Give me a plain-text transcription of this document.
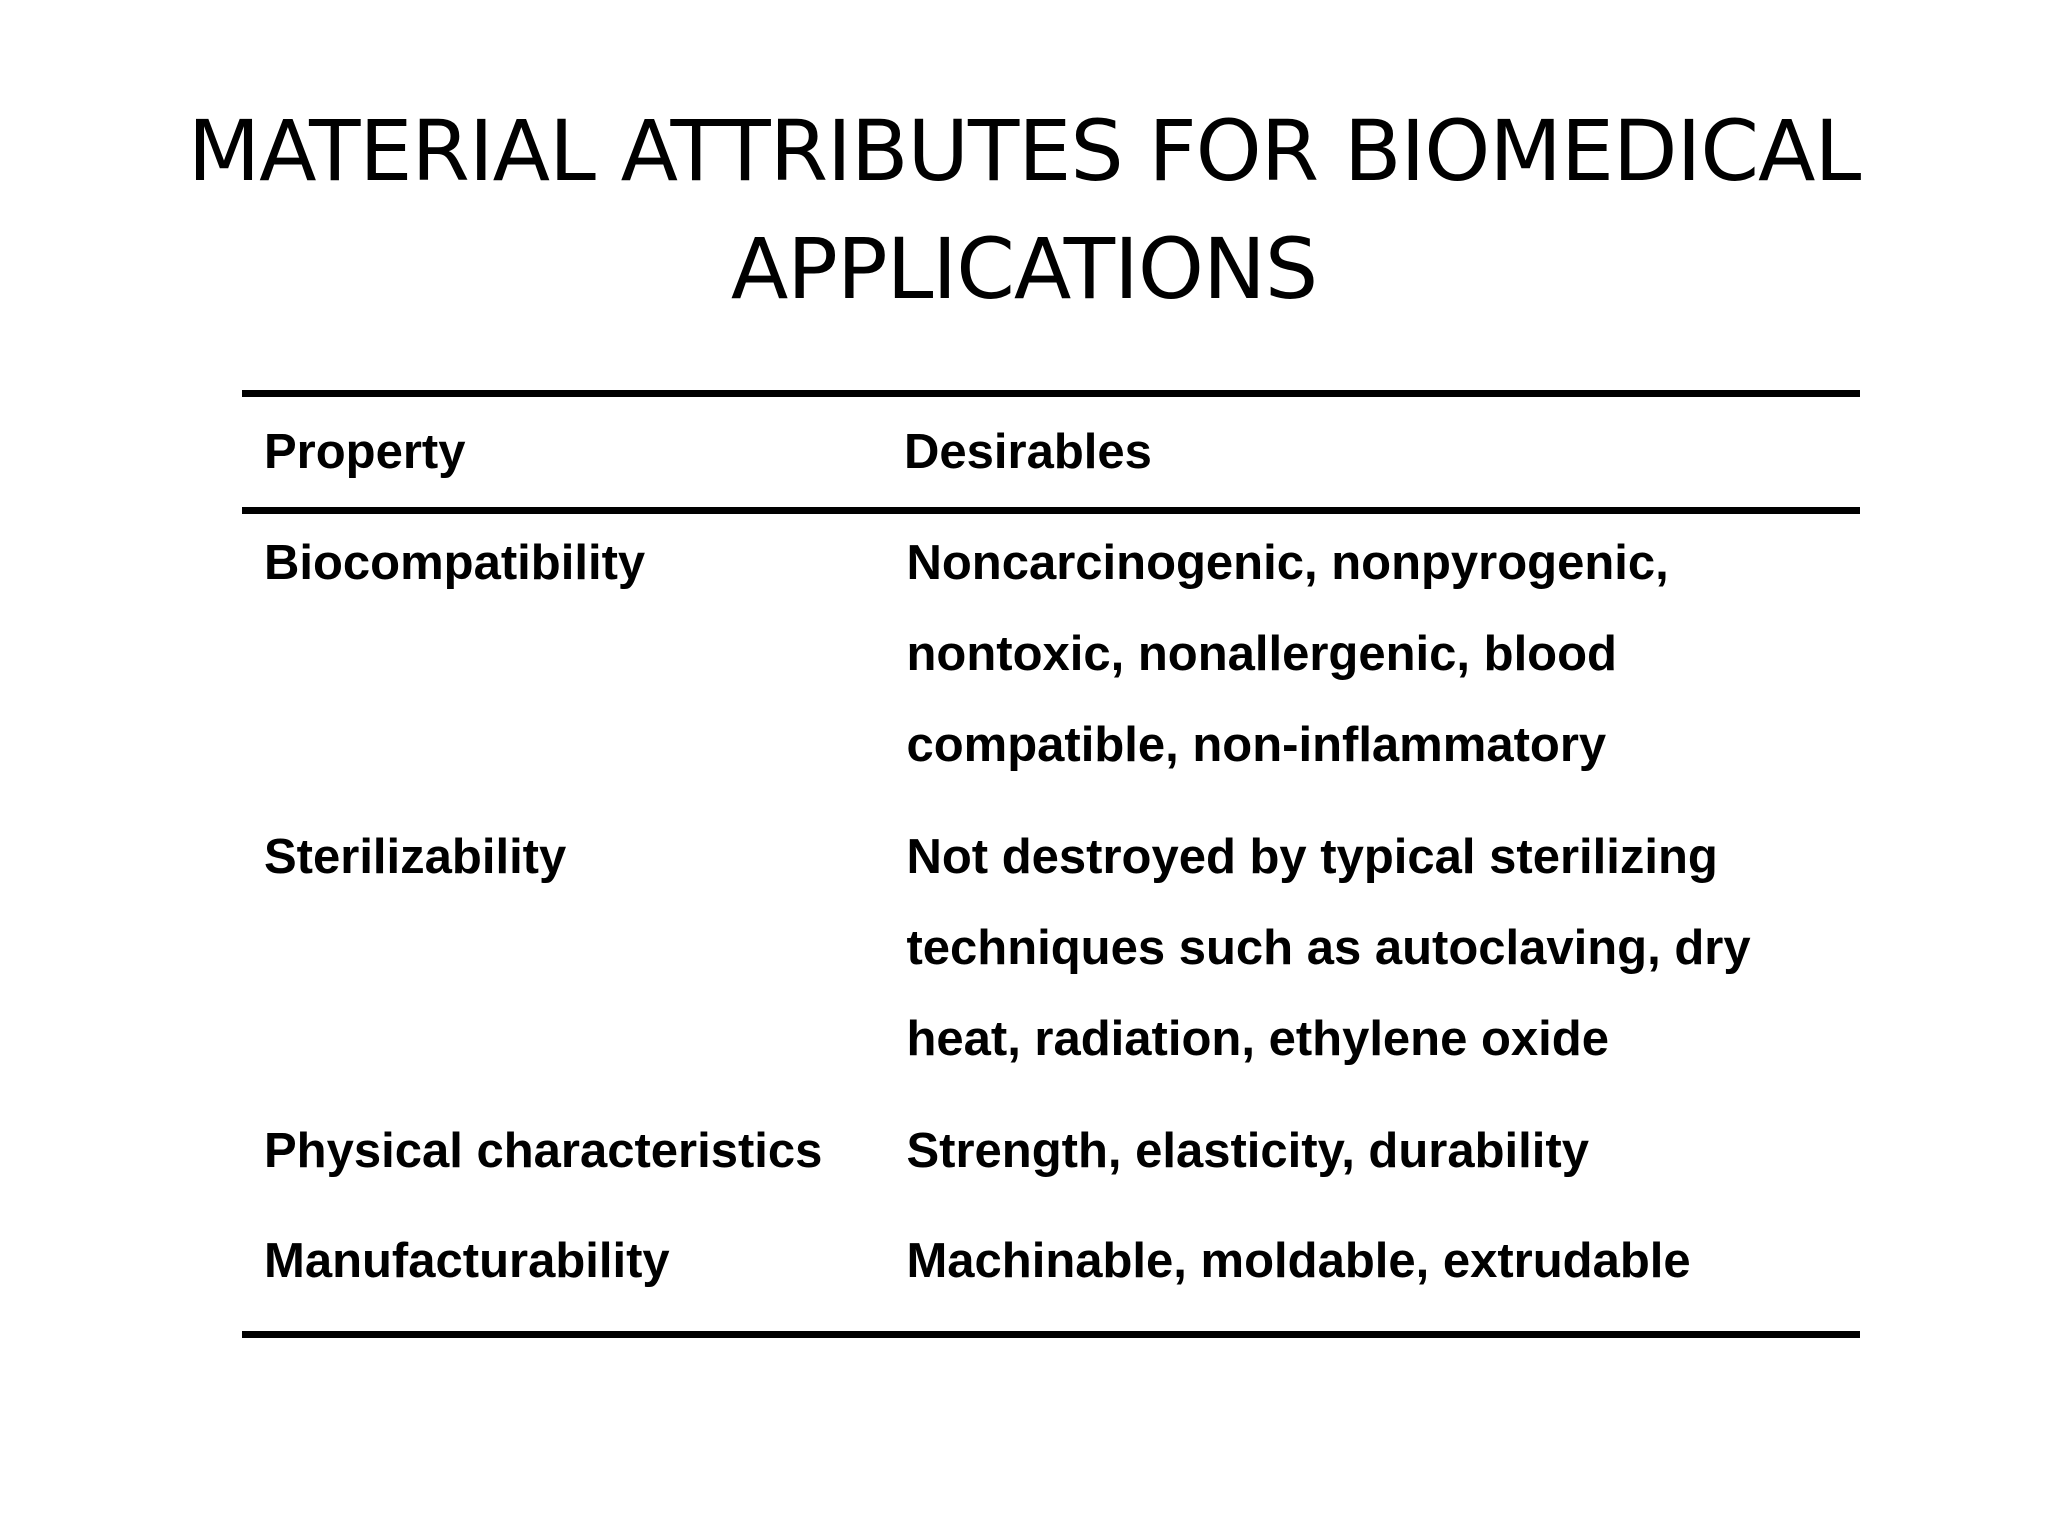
MATERIAL ATTRIBUTES FOR BIOMEDICAL APPLICATIONS
Property	Desirables
Biocompatibility	Noncarcinogenic, nonpyrogenic, nontoxic, nonallergenic, blood compatible, non-inflammatory
Sterilizability	Not destroyed by typical sterilizing techniques such as autoclaving, dry heat, radiation, ethylene oxide
Physical characteristics	Strength, elasticity, durability
Manufacturability	Machinable, moldable, extrudable
